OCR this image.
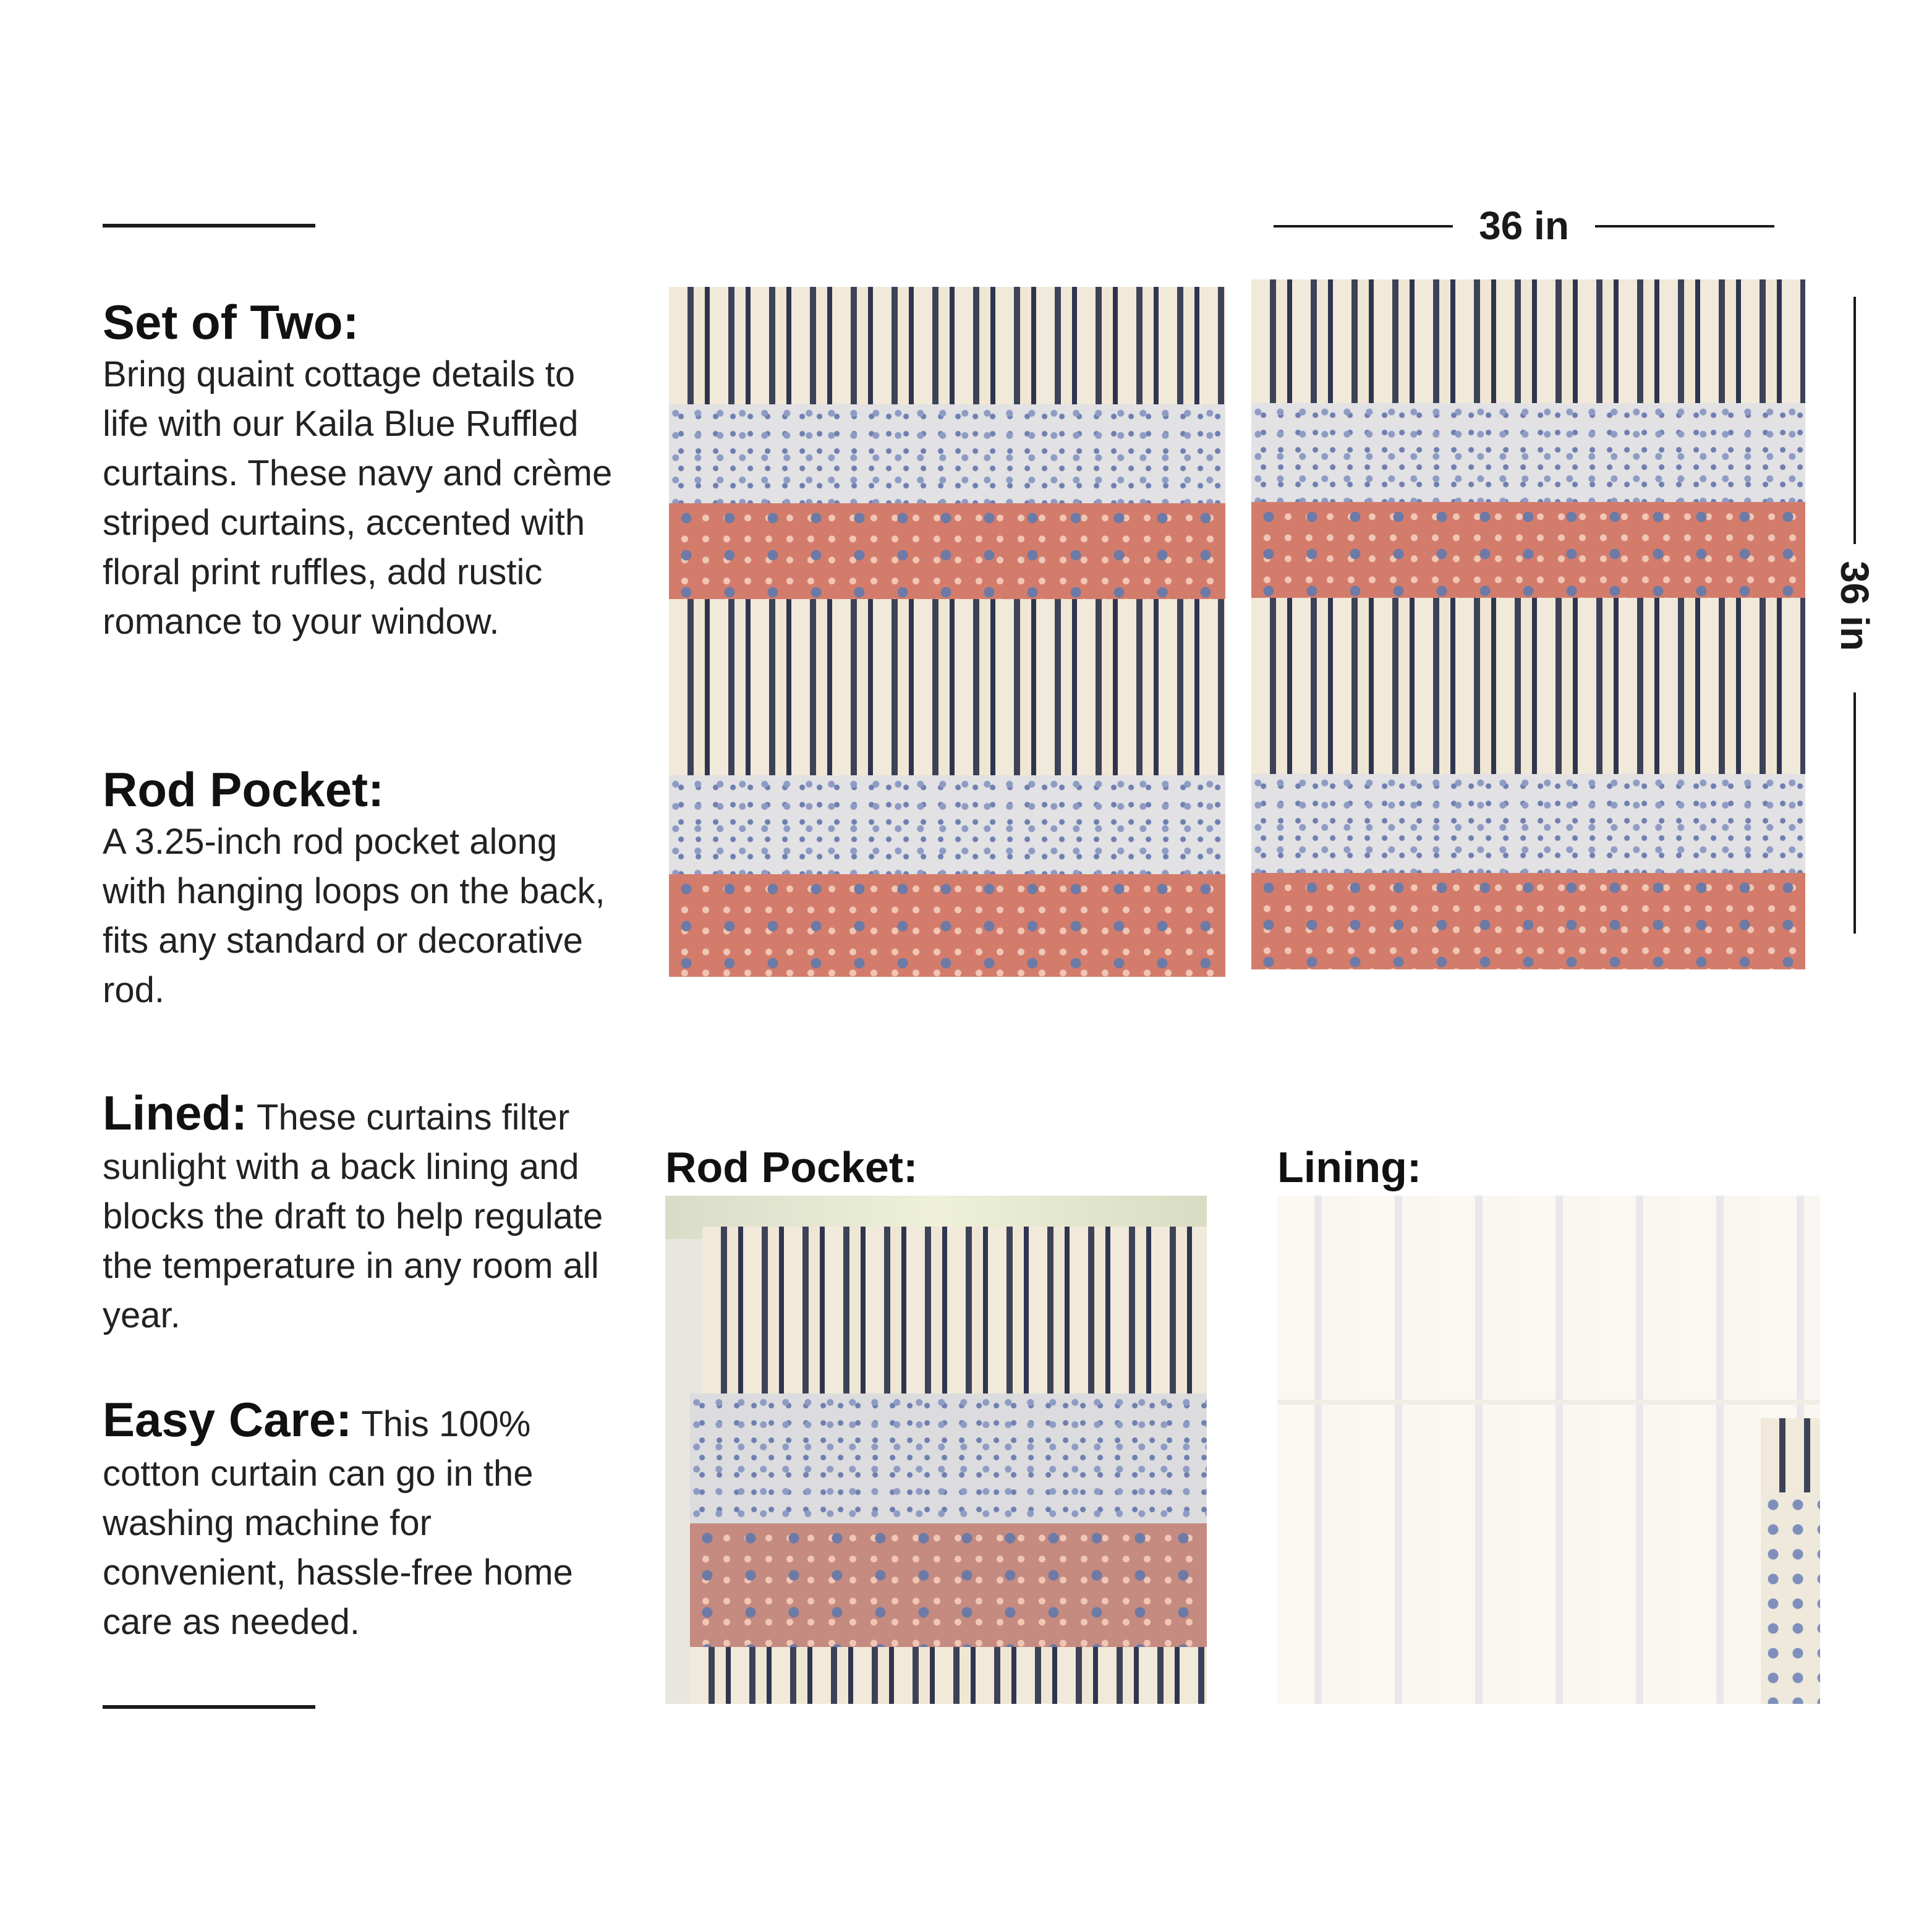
Set of Two:
Bring quaint cottage details to life with our Kaila Blue Ruffled curtains. These navy and crème striped curtains, accented with floral print ruffles, add rustic romance to your window.
Rod Pocket:
A 3.25-inch rod pocket along with hanging loops on the back, fits any standard or decorative rod.
Lined: These curtains filter sunlight with a back lining and blocks the draft to help regulate the temperature in any room all year.
Easy Care: This 100% cotton curtain can go in the washing machine for convenient, hassle-free home care as needed.
36 in
36 in
Rod Pocket:	Lining:
